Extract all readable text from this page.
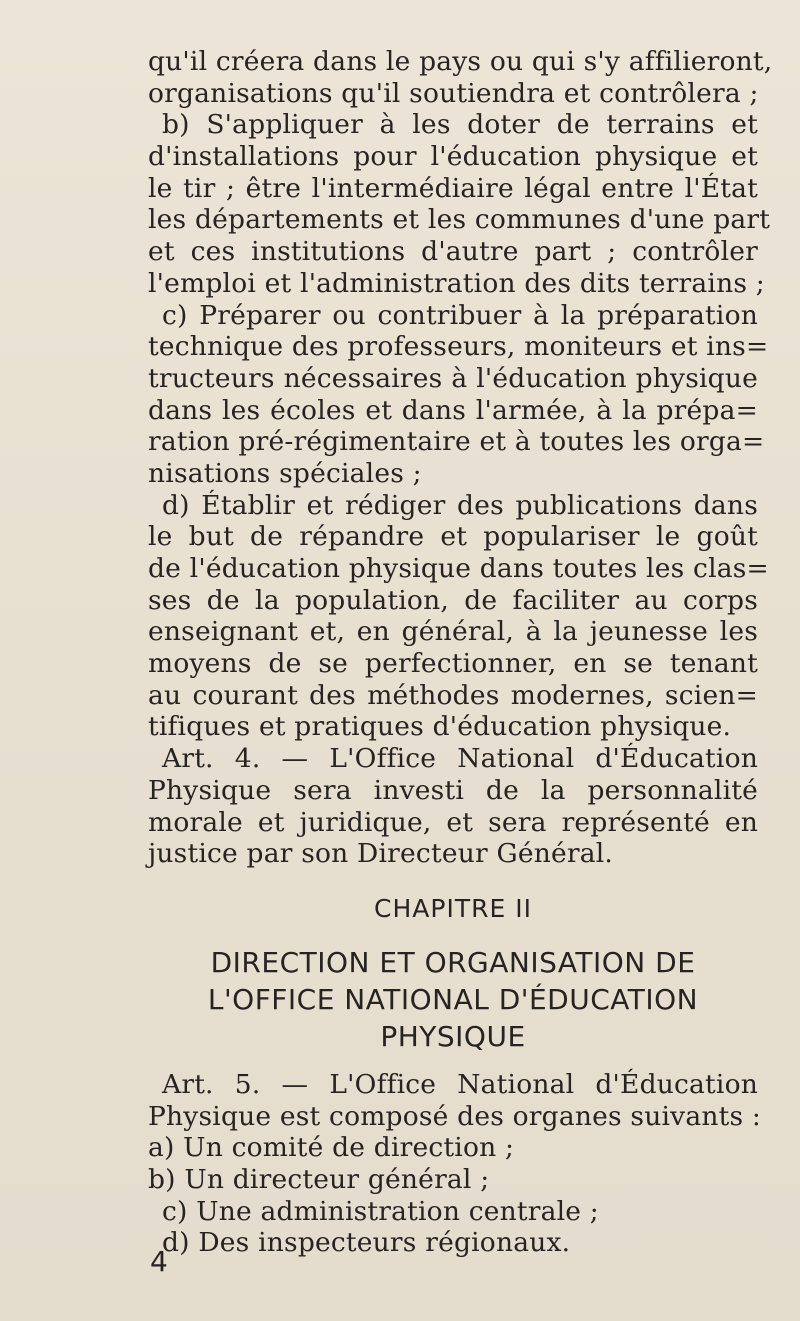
qu'il créera dans le pays ou qui s'y affilieront,

organisations qu'il soutiendra et contrôlera ;

b) S'appliquer à les doter de terrains et

d'installations pour l'éducation physique et

le tir ; être l'intermédiaire légal entre l'État

les départements et les communes d'une part

et ces institutions d'autre part ; contrôler

l'emploi et l'administration des dits terrains ;

c) Préparer ou contribuer à la préparation

technique des professeurs, moniteurs et ins=

tructeurs nécessaires à l'éducation physique

dans les écoles et dans l'armée, à la prépa=

ration pré-régimentaire et à toutes les orga=

nisations spéciales ;

d) Établir et rédiger des publications dans

le but de répandre et populariser le goût

de l'éducation physique dans toutes les clas=

ses de la population, de faciliter au corps

enseignant et, en général, à la jeunesse les

moyens de se perfectionner, en se tenant

au courant des méthodes modernes, scien=

tifiques et pratiques d'éducation physique.

Art. 4. — L'Office National d'Éducation

Physique sera investi de la personnalité

morale et juridique, et sera représenté en

justice par son Directeur Général.

CHAPITRE II

DIRECTION ET ORGANISATION DE

L'OFFICE NATIONAL D'ÉDUCATION

PHYSIQUE

Art. 5. — L'Office National d'Éducation

Physique est composé des organes suivants :

a) Un comité de direction ;

b) Un directeur général ;

c) Une administration centrale ;

d) Des inspecteurs régionaux.

4
